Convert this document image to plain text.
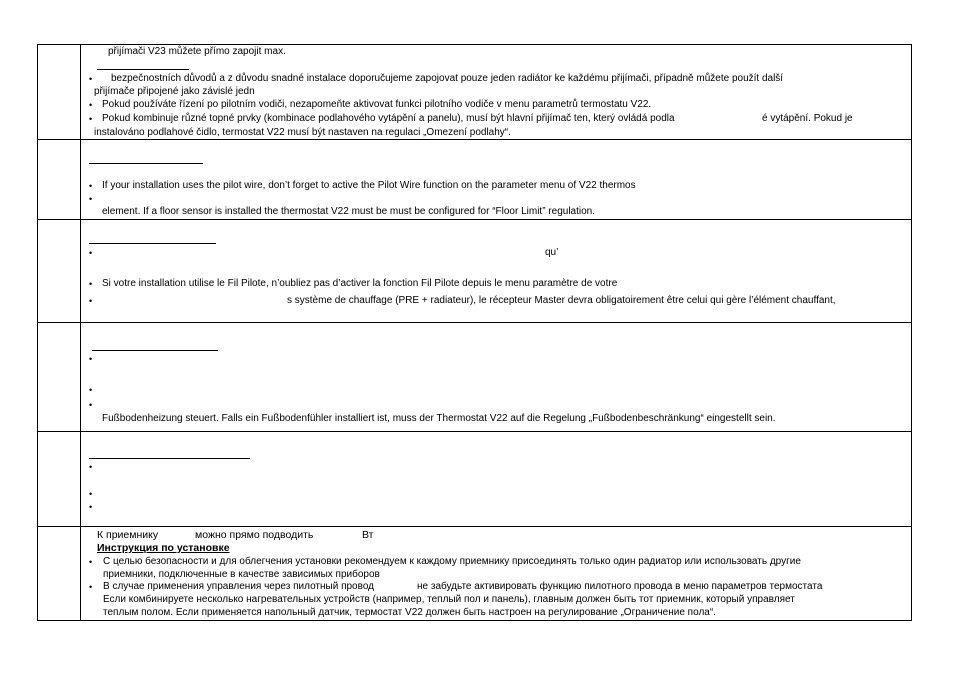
přijímači V23 můžete přímo zapojit max.
• bezpečnostních důvodů a z důvodu snadné instalace doporučujeme zapojovat pouze jeden radiátor ke každému přijímači, případně můžete použít další
přijímače připojené jako závislé jedn
• Pokud používáte řízení po pilotním vodiči, nezapomeňte aktivovat funkci pilotního vodiče v menu parametrů termostatu V22.
• Pokud kombinuje různé topné prvky (kombinace podlahového vytápění a panelu), musí být hlavní přijímač ten, který ovládá podla	é vytápění. Pokud je
instalováno podlahové čidlo, termostat V22 musí být nastaven na regulaci „Omezení podlahy“.
• If your installation uses the pilot wire, don’t forget to active the Pilot Wire function on the parameter menu of V22 thermos
•
element. If a floor sensor is installed the thermostat V22 must be must be configured for “Floor Limit” regulation.
•	qu’
• Si votre installation utilise le Fil Pilote, n’oubliez pas d’activer la fonction Fil Pilote depuis le menu paramètre de votre
•	s système de chauffage (PRE + radiateur), le récepteur Master devra obligatoirement être celui qui gère l’élément chauffant,
•
•
•
Fußbodenheizung steuert. Falls ein Fußbodenfühler installiert ist, muss der Thermostat V22 auf die Regelung „Fußbodenbeschränkung“ eingestellt sein.
•
•
•
К приемнику	можно прямо подводить	Вт
Инструкция по установке
• С целью безопасности и для облегчения установки рекомендуем к каждому приемнику присоединять только один радиатор или использовать другие
приемники, подключенные в качестве зависимых приборов
• В случае применения управления через пилотный провод	не забудьте активировать функцию пилотного провода в меню параметров термостата
Если комбинируете несколько нагревательных устройств (например, теплый пол и панель), главным должен быть тот приемник, который управляет
теплым полом. Если применяется напольный датчик, термостат V22 должен быть настроен на регулирование „Ограничение пола“.
